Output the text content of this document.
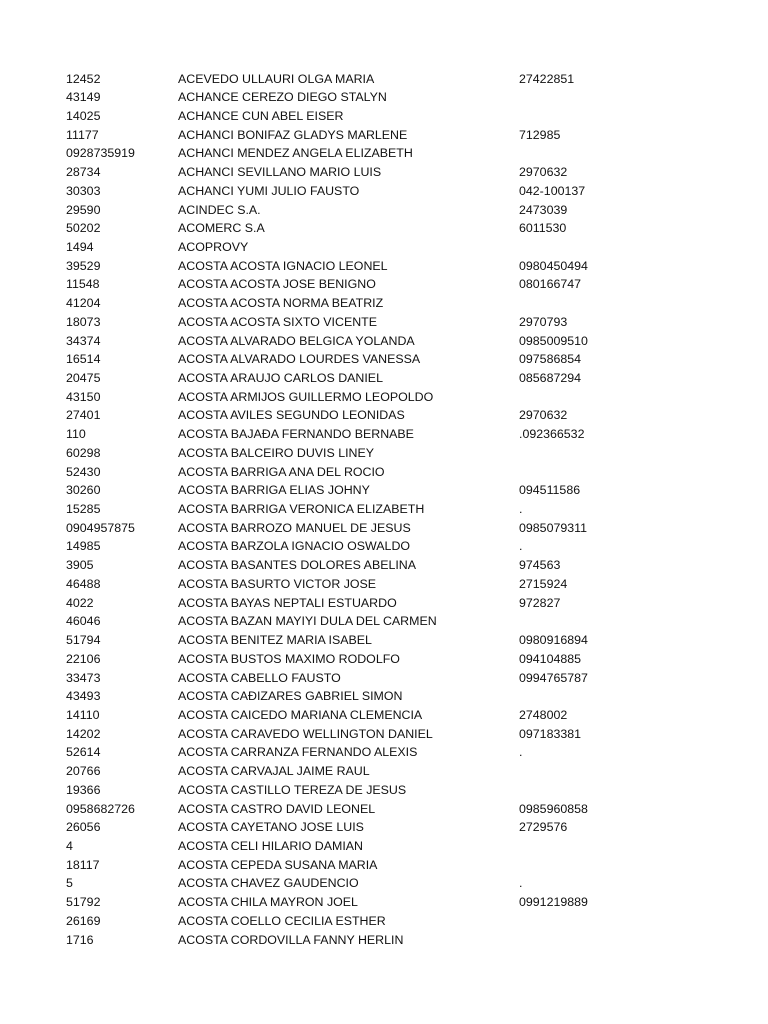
12452	ACEVEDO ULLAURI OLGA MARIA	27422851
43149	ACHANCE CEREZO DIEGO STALYN
14025	ACHANCE CUN ABEL EISER
11177	ACHANCI BONIFAZ GLADYS MARLENE	712985
0928735919	ACHANCI MENDEZ ANGELA ELIZABETH
28734	ACHANCI SEVILLANO MARIO LUIS	2970632
30303	ACHANCI YUMI JULIO FAUSTO	042-100137
29590	ACINDEC S.A.	2473039
50202	ACOMERC S.A	6011530
1494	ACOPROVY
39529	ACOSTA ACOSTA IGNACIO LEONEL	0980450494
11548	ACOSTA ACOSTA JOSE BENIGNO	080166747
41204	ACOSTA ACOSTA NORMA BEATRIZ
18073	ACOSTA ACOSTA SIXTO VICENTE	2970793
34374	ACOSTA ALVARADO BELGICA YOLANDA	0985009510
16514	ACOSTA ALVARADO LOURDES VANESSA	097586854
20475	ACOSTA ARAUJO CARLOS DANIEL	085687294
43150	ACOSTA ARMIJOS GUILLERMO LEOPOLDO
27401	ACOSTA AVILES SEGUNDO LEONIDAS	2970632
110	ACOSTA BAJAÐA FERNANDO BERNABE	.092366532
60298	ACOSTA BALCEIRO DUVIS LINEY
52430	ACOSTA BARRIGA ANA DEL ROCIO
30260	ACOSTA BARRIGA ELIAS JOHNY	094511586
15285	ACOSTA BARRIGA VERONICA ELIZABETH	.
0904957875	ACOSTA BARROZO MANUEL DE JESUS	0985079311
14985	ACOSTA BARZOLA IGNACIO OSWALDO	.
3905	ACOSTA BASANTES DOLORES ABELINA	974563
46488	ACOSTA BASURTO VICTOR JOSE	2715924
4022	ACOSTA BAYAS NEPTALI ESTUARDO	972827
46046	ACOSTA BAZAN MAYIYI DULA DEL CARMEN
51794	ACOSTA BENITEZ MARIA ISABEL	0980916894
22106	ACOSTA BUSTOS MAXIMO RODOLFO	094104885
33473	ACOSTA CABELLO FAUSTO	0994765787
43493	ACOSTA CAÐIZARES GABRIEL SIMON
14110	ACOSTA CAICEDO MARIANA CLEMENCIA	2748002
14202	ACOSTA CARAVEDO WELLINGTON DANIEL	097183381
52614	ACOSTA CARRANZA FERNANDO ALEXIS	.
20766	ACOSTA CARVAJAL JAIME RAUL
19366	ACOSTA CASTILLO TEREZA DE JESUS
0958682726	ACOSTA CASTRO DAVID LEONEL	0985960858
26056	ACOSTA CAYETANO JOSE LUIS	2729576
4	ACOSTA CELI HILARIO DAMIAN
18117	ACOSTA CEPEDA SUSANA MARIA
5	ACOSTA CHAVEZ GAUDENCIO	.
51792	ACOSTA CHILA MAYRON JOEL	0991219889
26169	ACOSTA COELLO CECILIA ESTHER
1716	ACOSTA CORDOVILLA FANNY HERLIN
